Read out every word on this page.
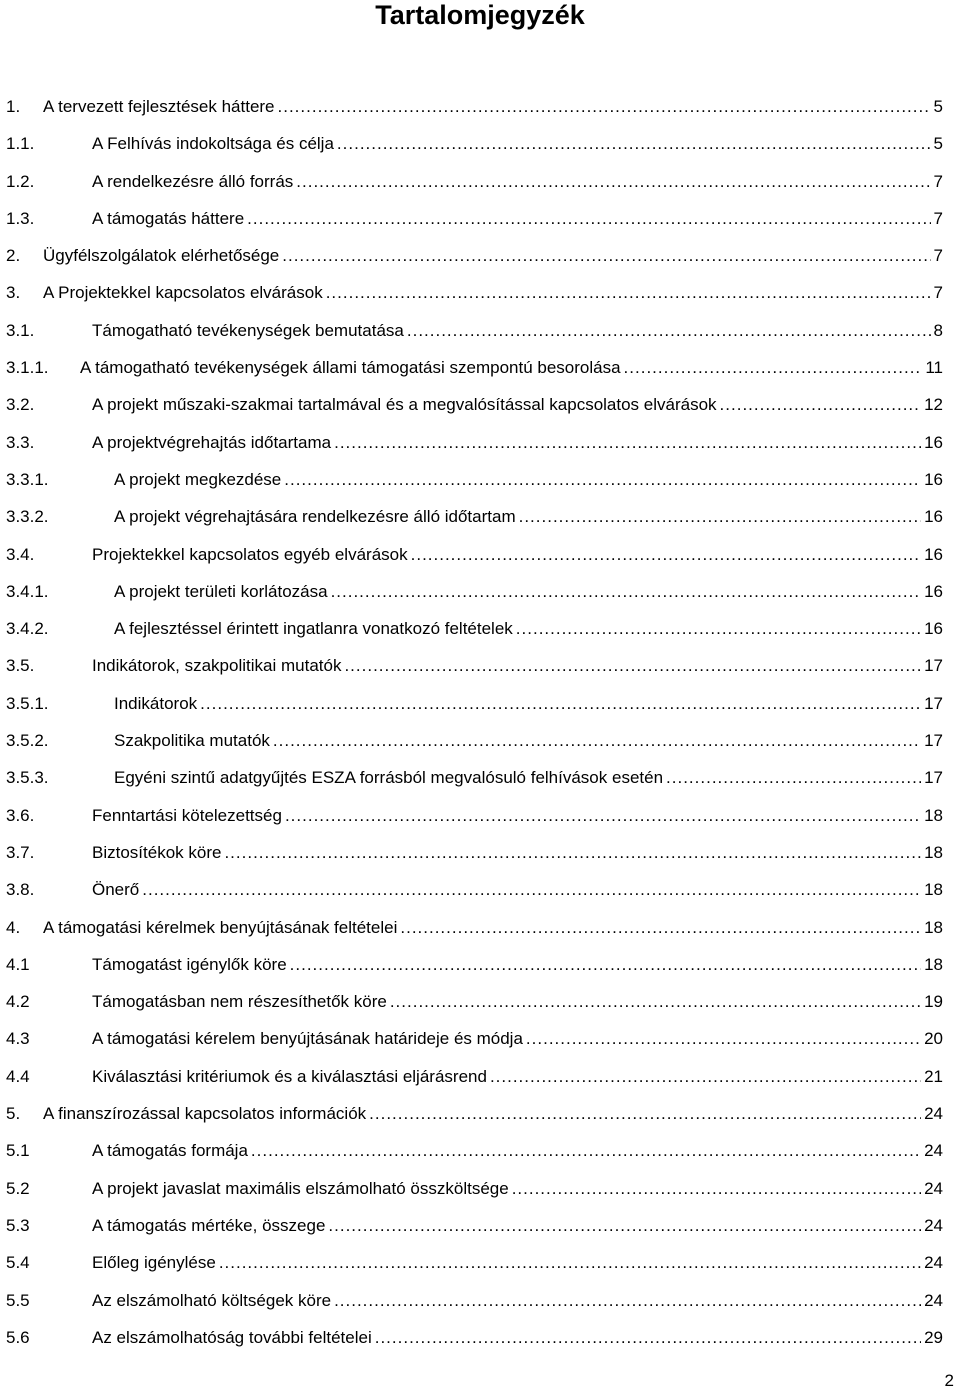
Tartalomjegyzék
1. A tervezett fejlesztések háttere .....	5
1.1.	A Felhívás indokoltsága és célja .....	5
1.2.	A rendelkezésre álló forrás .....	7
1.3.	A támogatás háttere .....	7
2. Ügyfélszolgálatok elérhetősége .....	7
3. A Projektekkel kapcsolatos elvárások .....	7
3.1.	Támogatható tevékenységek bemutatása .....	8
3.1.1. A támogatható tevékenységek állami támogatási szempontú besorolása .....	11
3.2.	A projekt műszaki-szakmai tartalmával és a megvalósítással kapcsolatos elvárások .....	12
3.3.	A projektvégrehajtás időtartama .....	16
3.3.1.	A projekt megkezdése .....	16
3.3.2.	A projekt végrehajtására rendelkezésre álló időtartam .....	16
3.4.	Projektekkel kapcsolatos egyéb elvárások .....	16
3.4.1.	A projekt területi korlátozása .....	16
3.4.2.	A fejlesztéssel érintett ingatlanra vonatkozó feltételek .....	16
3.5.	Indikátorok, szakpolitikai mutatók .....	17
3.5.1.	Indikátorok .....	17
3.5.2.	Szakpolitika mutatók .....	17
3.5.3.	Egyéni szintű adatgyűjtés ESZA forrásból megvalósuló felhívások esetén .....	17
3.6.	Fenntartási kötelezettség .....	18
3.7.	Biztosítékok köre .....	18
3.8.	Önerő .....	18
4. A támogatási kérelmek benyújtásának feltételei .....	18
4.1	Támogatást igénylők köre .....	18
4.2	Támogatásban nem részesíthetők köre .....	19
4.3	A támogatási kérelem benyújtásának határideje és módja .....	20
4.4	Kiválasztási kritériumok és a kiválasztási eljárásrend .....	21
5. A finanszírozással kapcsolatos információk .....	24
5.1	A támogatás formája .....	24
5.2	A projekt javaslat maximális elszámolható összköltsége .....	24
5.3	A támogatás mértéke, összege .....	24
5.4	Előleg igénylése .....	24
5.5	Az elszámolható költségek köre .....	24
5.6	Az elszámolhatóság további feltételei .....	29
2
